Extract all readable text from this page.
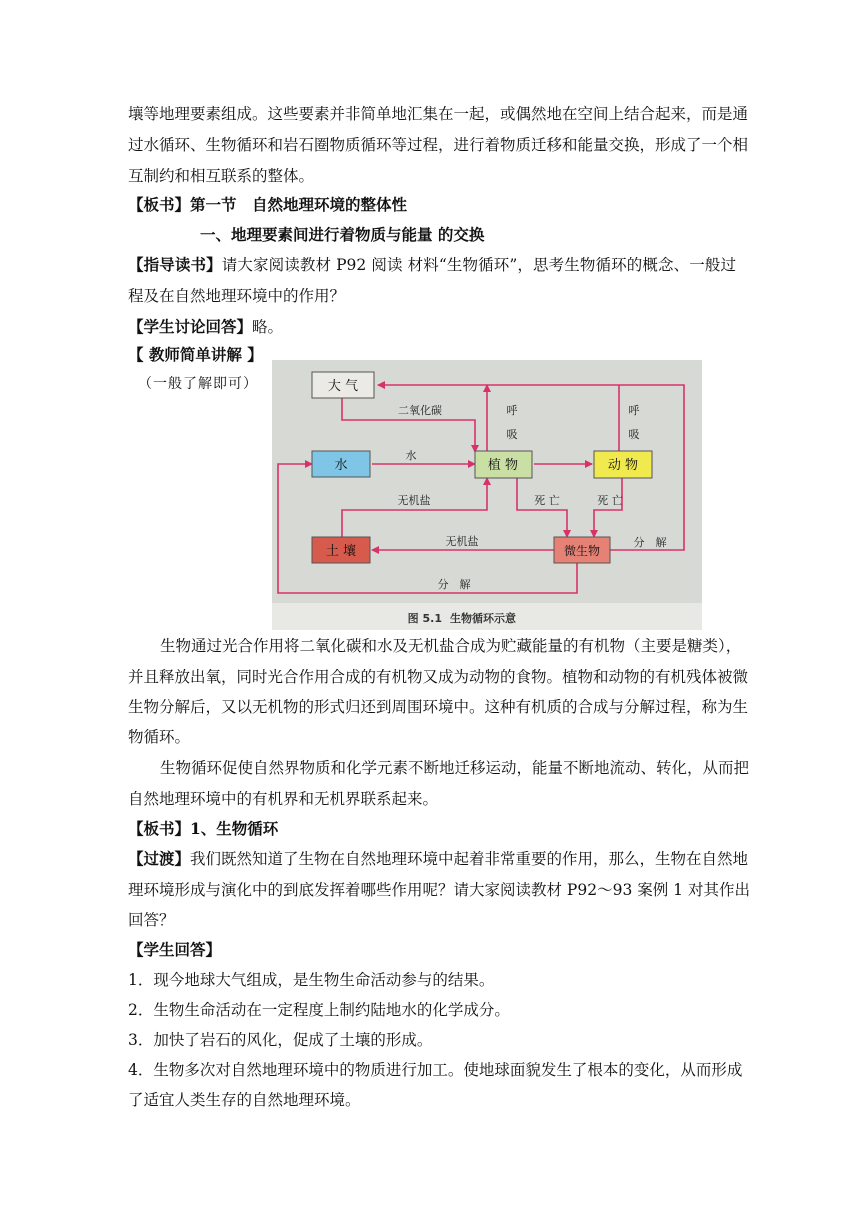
壤等地理要素组成。这些要素并非简单地汇集在一起，或偶然地在空间上结合起来，而是通
过水循环、生物循环和岩石圈物质循环等过程，进行着物质迁移和能量交换，形成了一个相
互制约和相互联系的整体。
【板书】第一节　自然地理环境的整体性
一、地理要素间进行着物质与能量 的交换
【指导读书】请大家阅读教材 P92 阅读 材料“生物循环”，思考生物循环的概念、一般过
程及在自然地理环境中的作用？
【学生讨论回答】略。
【 教师简单讲解 】
（一般了解即可）	大 气
水	植 物	动 物
土 壤	微生物
二氧化碳	呼吸
呼吸
水
无机盐	死 亡	死 亡
无机盐	分　解
分　解
图 5.1 生物循环示意
生物通过光合作用将二氧化碳和水及无机盐合成为贮藏能量的有机物（主要是糖类），
并且释放出氧，同时光合作用合成的有机物又成为动物的食物。植物和动物的有机残体被微
生物分解后，又以无机物的形式归还到周围环境中。这种有机质的合成与分解过程，称为生
物循环。
生物循环促使自然界物质和化学元素不断地迁移运动，能量不断地流动、转化，从而把
自然地理环境中的有机界和无机界联系起来。
【板书】1、生物循环
【过渡】我们既然知道了生物在自然地理环境中起着非常重要的作用，那么，生物在自然地
理环境形成与演化中的到底发挥着哪些作用呢？请大家阅读教材 P92～93 案例 1 对其作出
回答？
【学生回答】
1．现今地球大气组成，是生物生命活动参与的结果。
2．生物生命活动在一定程度上制约陆地水的化学成分。
3．加快了岩石的风化，促成了土壤的形成。
4．生物多次对自然地理环境中的物质进行加工。使地球面貌发生了根本的变化，从而形成
了适宜人类生存的自然地理环境。
